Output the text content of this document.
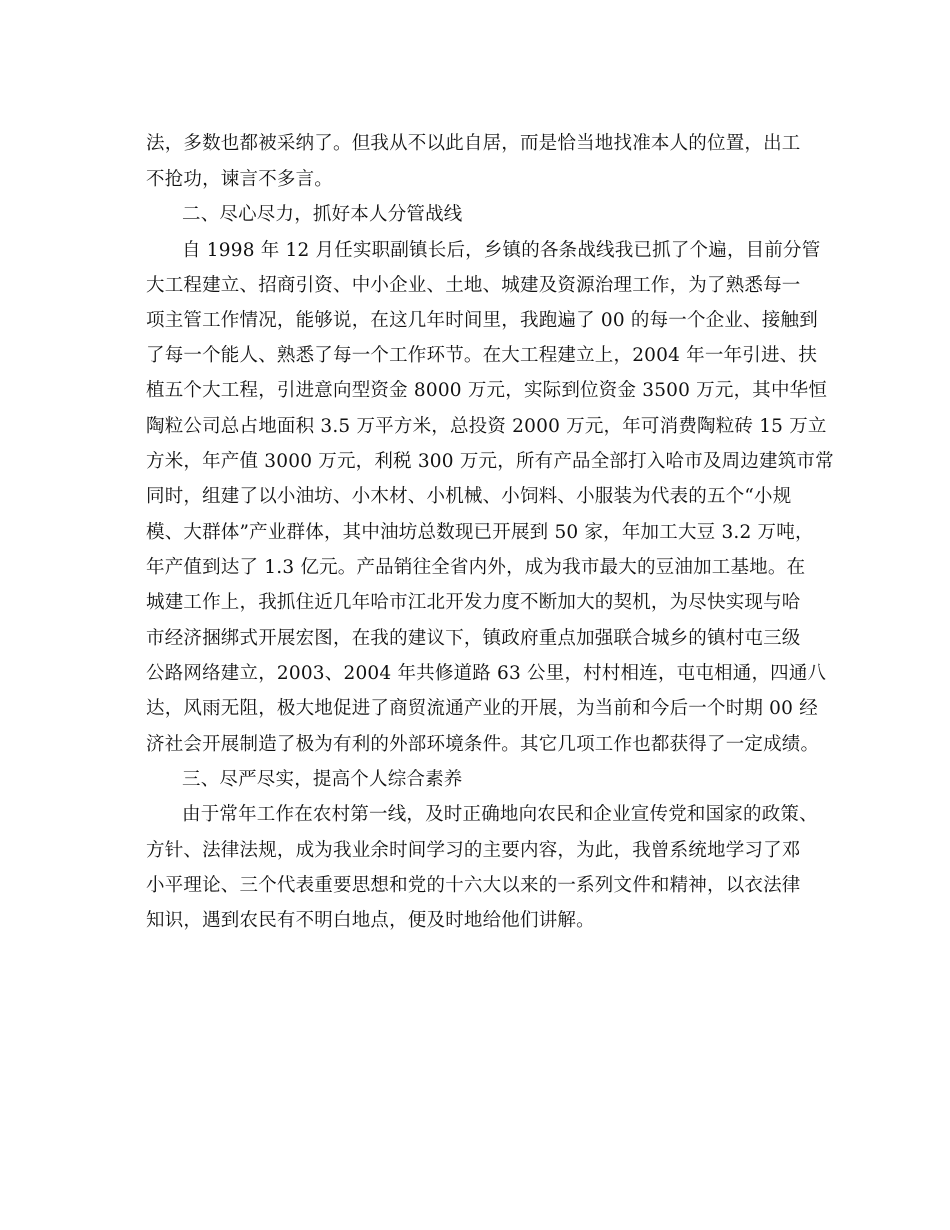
法，多数也都被采纳了。但我从不以此自居，而是恰当地找准本人的位置，出工
不抢功，谏言不多言。
二、尽心尽力，抓好本人分管战线
自 1998 年 12 月任实职副镇长后，乡镇的各条战线我已抓了个遍，目前分管
大工程建立、招商引资、中小企业、土地、城建及资源治理工作，为了熟悉每一
项主管工作情况，能够说，在这几年时间里，我跑遍了 00 的每一个企业、接触到
了每一个能人、熟悉了每一个工作环节。在大工程建立上，2004 年一年引进、扶
植五个大工程，引进意向型资金 8000 万元，实际到位资金 3500 万元，其中华恒
陶粒公司总占地面积 3.5 万平方米，总投资 2000 万元，年可消费陶粒砖 15 万立
方米，年产值 3000 万元，利税 300 万元，所有产品全部打入哈市及周边建筑市常
同时，组建了以小油坊、小木材、小机械、小饲料、小服装为代表的五个“小规
模、大群体”产业群体，其中油坊总数现已开展到 50 家，年加工大豆 3.2 万吨，
年产值到达了 1.3 亿元。产品销往全省内外，成为我市最大的豆油加工基地。在
城建工作上，我抓住近几年哈市江北开发力度不断加大的契机，为尽快实现与哈
市经济捆绑式开展宏图，在我的建议下，镇政府重点加强联合城乡的镇村屯三级
公路网络建立，2003、2004 年共修道路 63 公里，村村相连，屯屯相通，四通八
达，风雨无阻，极大地促进了商贸流通产业的开展，为当前和今后一个时期 00 经
济社会开展制造了极为有利的外部环境条件。其它几项工作也都获得了一定成绩。
三、尽严尽实，提高个人综合素养
由于常年工作在农村第一线，及时正确地向农民和企业宣传党和国家的政策、
方针、法律法规，成为我业余时间学习的主要内容，为此，我曾系统地学习了邓
小平理论、三个代表重要思想和党的十六大以来的一系列文件和精神，以衣法律
知识，遇到农民有不明白地点，便及时地给他们讲解。
